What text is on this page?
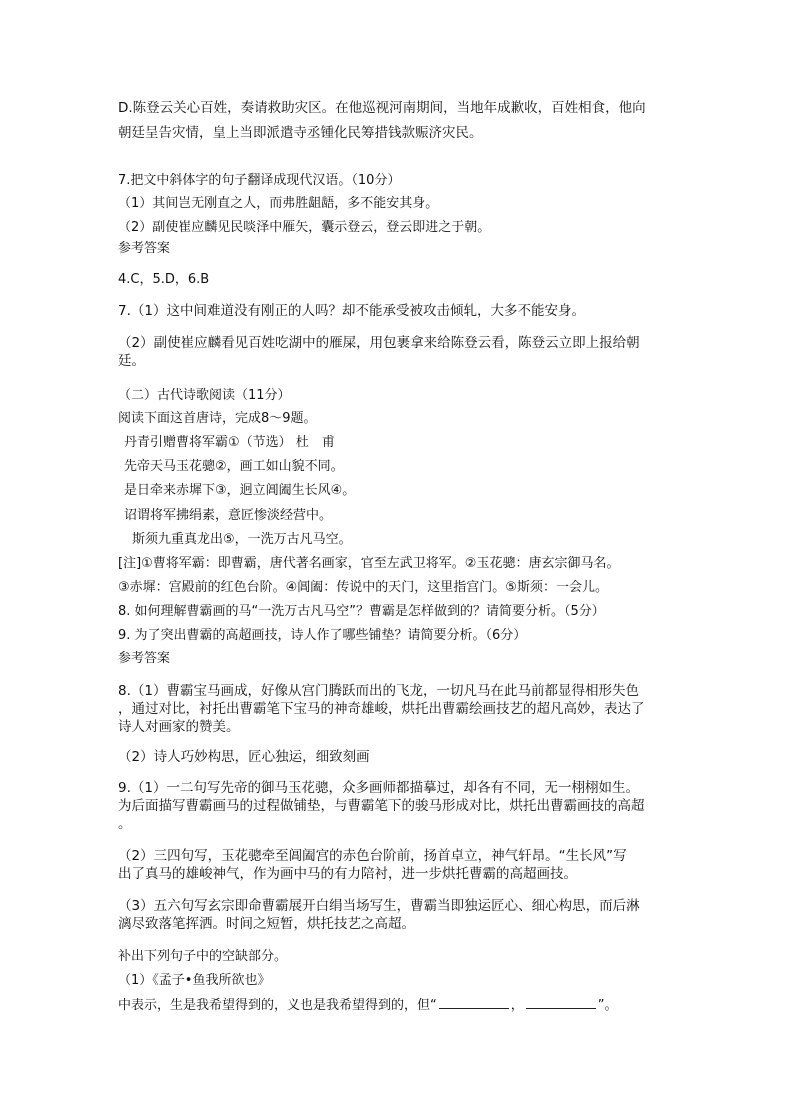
D.陈登云关心百姓，奏请救助灾区。在他巡视河南期间，当地年成歉收，百姓相食，他向
朝廷呈告灾情，皇上当即派遣寺丞锺化民筹措钱款赈济灾民。
7.把文中斜体字的句子翻译成现代汉语。（10分）
（1）其间岂无刚直之人，而弗胜龃龉，多不能安其身。
（2）副使崔应麟见民啖泽中雁矢，囊示登云，登云即进之于朝。
参考答案
4.C，5.D，6.B
7.（1）这中间难道没有刚正的人吗？却不能承受被攻击倾轧，大多不能安身。
（2）副使崔应麟看见百姓吃湖中的雁屎，用包裹拿来给陈登云看，陈登云立即上报给朝
廷。
（二）古代诗歌阅读（11分）
阅读下面这首唐诗，完成8～9题。
丹青引赠曹将军霸①（节选） 杜　甫
先帝天马玉花骢②，画工如山貌不同。
是日牵来赤墀下③，迥立阊阖生长风④。
诏谓将军拂绢素，意匠惨淡经营中。
斯须九重真龙出⑤，一洗万古凡马空。
[注]①曹将军霸：即曹霸，唐代著名画家，官至左武卫将军。②玉花骢：唐玄宗御马名。
③赤墀：宫殿前的红色台阶。④阊阖：传说中的天门，这里指宫门。⑤斯须：一会儿。
8. 如何理解曹霸画的马“一洗万古凡马空”？曹霸是怎样做到的？请简要分析。（5分）
9. 为了突出曹霸的高超画技，诗人作了哪些铺垫？请简要分析。（6分）
参考答案
8.（1）曹霸宝马画成，好像从宫门腾跃而出的飞龙，一切凡马在此马前都显得相形失色
，通过对比，衬托出曹霸笔下宝马的神奇雄峻，烘托出曹霸绘画技艺的超凡高妙，表达了
诗人对画家的赞美。
（2）诗人巧妙构思，匠心独运，细致刻画
9.（1）一二句写先帝的御马玉花骢，众多画师都描摹过，却各有不同，无一栩栩如生。
为后面描写曹霸画马的过程做铺垫，与曹霸笔下的骏马形成对比，烘托出曹霸画技的高超
。
（2）三四句写，玉花骢牵至阊阖宫的赤色台阶前，扬首卓立，神气轩昂。“生长风”写
出了真马的雄峻神气，作为画中马的有力陪衬，进一步烘托曹霸的高超画技。
（3）五六句写玄宗即命曹霸展开白绢当场写生，曹霸当即独运匠心、细心构思，而后淋
漓尽致落笔挥洒。时间之短暂，烘托技艺之高超。
补出下列句子中的空缺部分。
（1）《孟子•鱼我所欲也》
中表示，生是我希望得到的，义也是我希望得到的，但“	，	”。
